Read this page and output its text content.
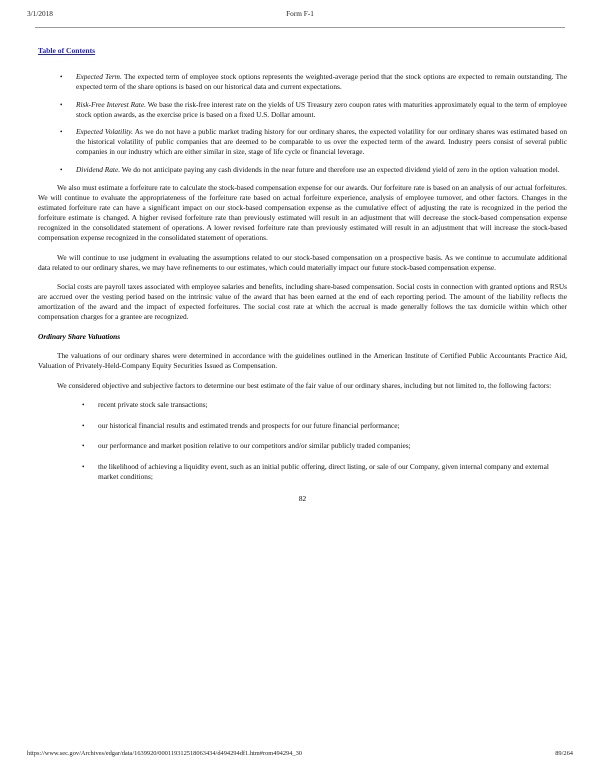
3/1/2018	Form F-1
Table of Contents
• Expected Term. The expected term of employee stock options represents the weighted-average period that the stock options are expected to remain outstanding. The expected term of the share options is based on our historical data and current expectations.
• Risk-Free Interest Rate. We base the risk-free interest rate on the yields of US Treasury zero coupon rates with maturities approximately equal to the term of employee stock option awards, as the exercise price is based on a fixed U.S. Dollar amount.
• Expected Volatility. As we do not have a public market trading history for our ordinary shares, the expected volatility for our ordinary shares was estimated based on the historical volatility of public companies that are deemed to be comparable to us over the expected term of the award. Industry peers consist of several public companies in our industry which are either similar in size, stage of life cycle or financial leverage.
• Dividend Rate. We do not anticipate paying any cash dividends in the near future and therefore use an expected dividend yield of zero in the option valuation model.

We also must estimate a forfeiture rate to calculate the stock-based compensation expense for our awards. Our forfeiture rate is based on an analysis of our actual forfeitures. We will continue to evaluate the appropriateness of the forfeiture rate based on actual forfeiture experience, analysis of employee turnover, and other factors. Changes in the estimated forfeiture rate can have a significant impact on our stock-based compensation expense as the cumulative effect of adjusting the rate is recognized in the period the forfeiture estimate is changed. A higher revised forfeiture rate than previously estimated will result in an adjustment that will decrease the stock-based compensation expense recognized in the consolidated statement of operations. A lower revised forfeiture rate than previously estimated will result in an adjustment that will increase the stock-based compensation expense recognized in the consolidated statement of operations.

We will continue to use judgment in evaluating the assumptions related to our stock-based compensation on a prospective basis. As we continue to accumulate additional data related to our ordinary shares, we may have refinements to our estimates, which could materially impact our future stock-based compensation expense.

Social costs are payroll taxes associated with employee salaries and benefits, including share-based compensation. Social costs in connection with granted options and RSUs are accrued over the vesting period based on the intrinsic value of the award that has been earned at the end of each reporting period. The amount of the liability reflects the amortization of the award and the impact of expected forfeitures. The social cost rate at which the accrual is made generally follows the tax domicile within which other compensation charges for a grantee are recognized.

Ordinary Share Valuations

The valuations of our ordinary shares were determined in accordance with the guidelines outlined in the American Institute of Certified Public Accountants Practice Aid, Valuation of Privately-Held-Company Equity Securities Issued as Compensation.

We considered objective and subjective factors to determine our best estimate of the fair value of our ordinary shares, including but not limited to, the following factors:

• recent private stock sale transactions;
• our historical financial results and estimated trends and prospects for our future financial performance;
• our performance and market position relative to our competitors and/or similar publicly traded companies;
• the likelihood of achieving a liquidity event, such as an initial public offering, direct listing, or sale of our Company, given internal company and external market conditions;
82
https://www.sec.gov/Archives/edgar/data/1639920/000119312518063434/d494294df1.htm#rom494294_30	89/264
